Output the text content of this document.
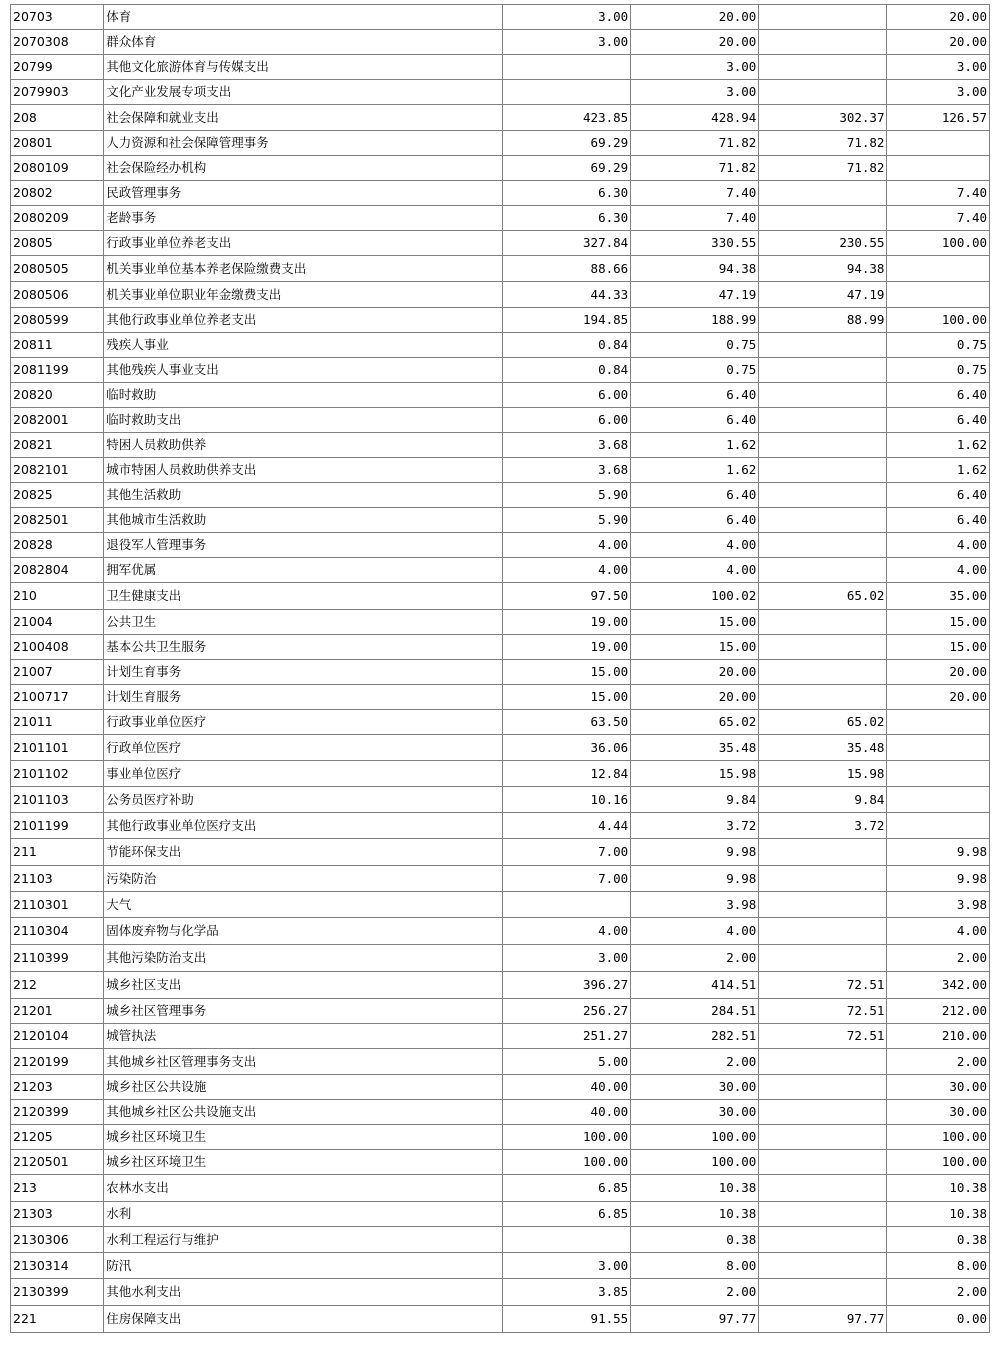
20703	体育	3.00	20.00		20.00
2070308	群众体育	3.00	20.00		20.00
20799	其他文化旅游体育与传媒支出		3.00		3.00
2079903	文化产业发展专项支出		3.00		3.00
208	社会保障和就业支出	423.85	428.94	302.37	126.57
20801	人力资源和社会保障管理事务	69.29	71.82	71.82	
2080109	社会保险经办机构	69.29	71.82	71.82	
20802	民政管理事务	6.30	7.40		7.40
2080209	老龄事务	6.30	7.40		7.40
20805	行政事业单位养老支出	327.84	330.55	230.55	100.00
2080505	机关事业单位基本养老保险缴费支出	88.66	94.38	94.38	
2080506	机关事业单位职业年金缴费支出	44.33	47.19	47.19	
2080599	其他行政事业单位养老支出	194.85	188.99	88.99	100.00
20811	残疾人事业	0.84	0.75		0.75
2081199	其他残疾人事业支出	0.84	0.75		0.75
20820	临时救助	6.00	6.40		6.40
2082001	临时救助支出	6.00	6.40		6.40
20821	特困人员救助供养	3.68	1.62		1.62
2082101	城市特困人员救助供养支出	3.68	1.62		1.62
20825	其他生活救助	5.90	6.40		6.40
2082501	其他城市生活救助	5.90	6.40		6.40
20828	退役军人管理事务	4.00	4.00		4.00
2082804	拥军优属	4.00	4.00		4.00
210	卫生健康支出	97.50	100.02	65.02	35.00
21004	公共卫生	19.00	15.00		15.00
2100408	基本公共卫生服务	19.00	15.00		15.00
21007	计划生育事务	15.00	20.00		20.00
2100717	计划生育服务	15.00	20.00		20.00
21011	行政事业单位医疗	63.50	65.02	65.02	
2101101	行政单位医疗	36.06	35.48	35.48	
2101102	事业单位医疗	12.84	15.98	15.98	
2101103	公务员医疗补助	10.16	9.84	9.84	
2101199	其他行政事业单位医疗支出	4.44	3.72	3.72	
211	节能环保支出	7.00	9.98		9.98
21103	污染防治	7.00	9.98		9.98
2110301	大气		3.98		3.98
2110304	固体废弃物与化学品	4.00	4.00		4.00
2110399	其他污染防治支出	3.00	2.00		2.00
212	城乡社区支出	396.27	414.51	72.51	342.00
21201	城乡社区管理事务	256.27	284.51	72.51	212.00
2120104	城管执法	251.27	282.51	72.51	210.00
2120199	其他城乡社区管理事务支出	5.00	2.00		2.00
21203	城乡社区公共设施	40.00	30.00		30.00
2120399	其他城乡社区公共设施支出	40.00	30.00		30.00
21205	城乡社区环境卫生	100.00	100.00		100.00
2120501	城乡社区环境卫生	100.00	100.00		100.00
213	农林水支出	6.85	10.38		10.38
21303	水利	6.85	10.38		10.38
2130306	水利工程运行与维护		0.38		0.38
2130314	防汛	3.00	8.00		8.00
2130399	其他水利支出	3.85	2.00		2.00
221	住房保障支出	91.55	97.77	97.77	0.00
